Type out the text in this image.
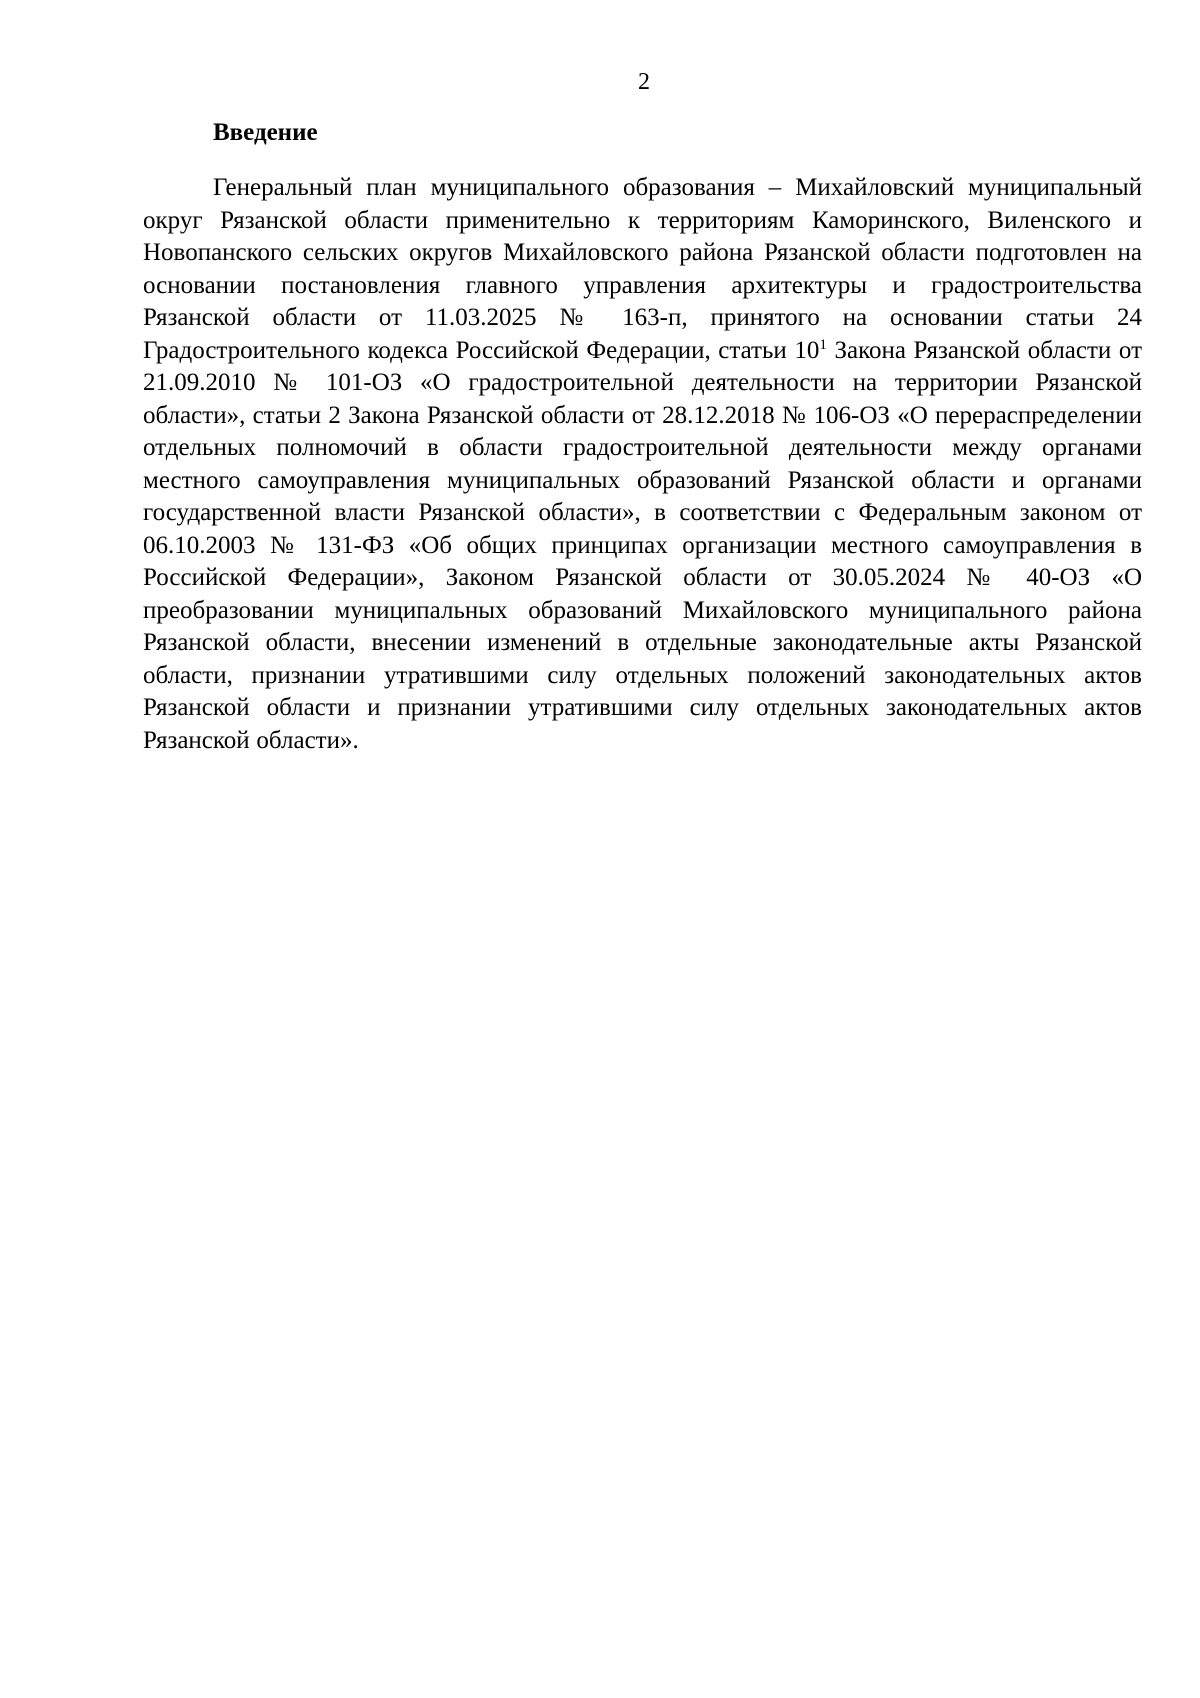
2
Введение

Генеральный план муниципального образования – Михайловский муниципальный округ Рязанской области применительно к территориям Каморинского, Виленского и Новопанского сельских округов Михайловского района Рязанской области подготовлен на основании постановления главного управления архитектуры и градостроительства Рязанской области от 11.03.2025 № 163-п, принятого на основании статьи 24 Градостроительного кодекса Российской Федерации, статьи $10^1$ Закона Рязанской области от 21.09.2010 № 101-ОЗ «О градостроительной деятельности на территории Рязанской области», статьи 2 Закона Рязанской области от 28.12.2018 № 106-ОЗ «О перераспределении отдельных полномочий в области градостроительной деятельности между органами местного самоуправления муниципальных образований Рязанской области и органами государственной власти Рязанской области», в соответствии с Федеральным законом от 06.10.2003 № 131-ФЗ «Об общих принципах организации местного самоуправления в Российской Федерации», Законом Рязанской области от 30.05.2024 № 40-ОЗ «О преобразовании муниципальных образований Михайловского муниципального района Рязанской области, внесении изменений в отдельные законодательные акты Рязанской области, признании утратившими силу отдельных положений законодательных актов Рязанской области и признании утратившими силу отдельных законодательных актов Рязанской области».
